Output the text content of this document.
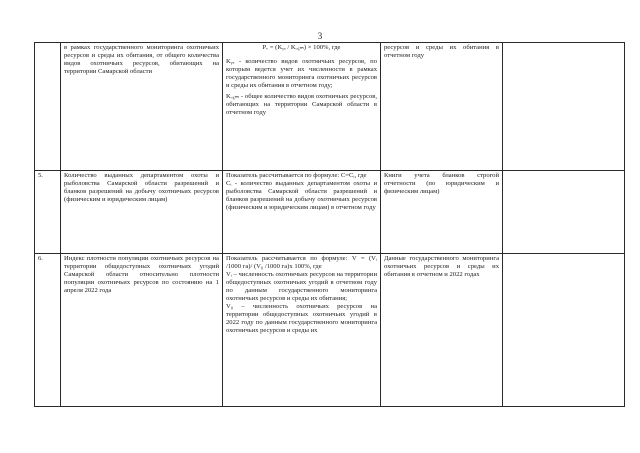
3
	в рамках государственного мониторинга охотничьих ресурсов и среды их обитания, от общего количества видов охотничьих ресурсов, обитающих на территории Самарской области	Pᵥ = (Kᵧₓ / Kₒ₆ₘ) × 100%, где

Kᵧₓ - количество видов охотничьих ресурсов, по которым ведется учет их численности в рамках государственного мониторинга охотничьих ресурсов и среды их обитания в отчетном году;

Kₒ₆ₘ - общее количество видов охотничьих ресурсов, обитающих на территории Самарской области в отчетном году	ресурсов и среды их обитания в отчетном году	

5.	Количество выданных департаментом охоты и рыболовства Самарской области разрешений и бланков разрешений на добычу охотничьих ресурсов (физическим и юридическим лицам)	Показатель рассчитывается по формуле: C=Cᵢ, где

Cᵢ - количество выданных департаментом охоты и рыболовства Самарской области разрешений и бланков разрешений на добычу охотничьих ресурсов (физическим и юридическим лицам) в отчетном году	Книги учета бланков строгой отчетности (по юридическим и физическим лицам)	

6.	Индекс плотности популяции охотничьих ресурсов на территории общедоступных охотничьих угодий Самарской области относительно плотности популяции охотничьих ресурсов по состоянию на 1 апреля 2022 года	Показатель рассчитывается по формуле: V = (Vᵢ /1000 га)/ (V₀ /1000 га)х 100%, где

Vᵢ – численность охотничьих ресурсов на территории общедоступных охотничьих угодий в отчетном году по данным государственного мониторинга охотничьих ресурсов и среды их обитания;

V₀ – численность охотничьих ресурсов на территории общедоступных охотничьих угодий в 2022 году по данным государственного мониторинга охотничьих ресурсов и среды их	Данные государственного мониторинга охотничьих ресурсов и среды их обитания в отчетном и 2022 годах	
